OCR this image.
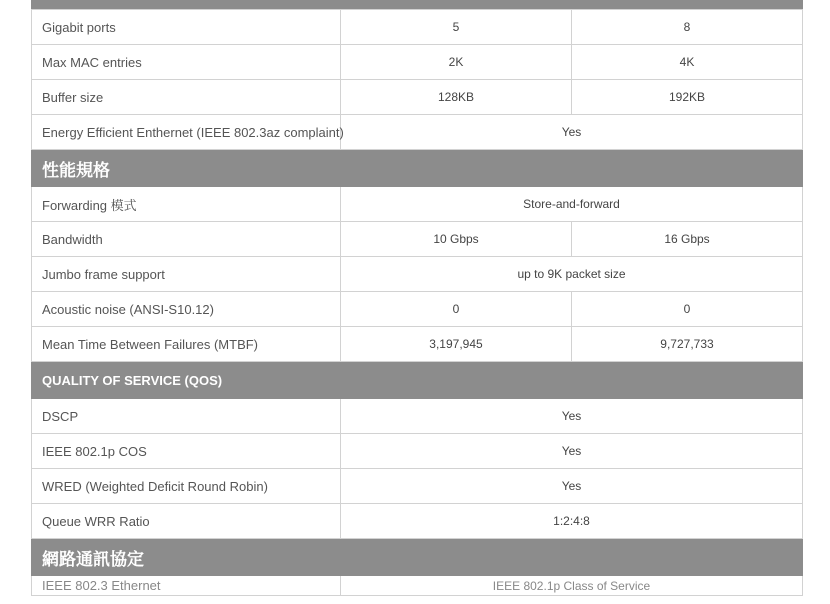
Gigabit ports	5	8
Max MAC entries	2K	4K
Buffer size	128KB	192KB
Energy Efficient Enthernet (IEEE 802.3az complaint)	Yes	
性能規格		
Forwarding 模式	Store-and-forward	
Bandwidth	10 Gbps	16 Gbps
Jumbo frame support	up to 9K packet size	
Acoustic noise (ANSI-S10.12)	0	0
Mean Time Between Failures (MTBF)	3,197,945	9,727,733
QUALITY OF SERVICE (QOS)		
DSCP	Yes	
IEEE 802.1p COS	Yes	
WRED (Weighted Deficit Round Robin)	Yes	
Queue WRR Ratio	1:2:4:8	
網路通訊協定		
IEEE 802.3 Ethernet	IEEE 802.1p Class of Service	
